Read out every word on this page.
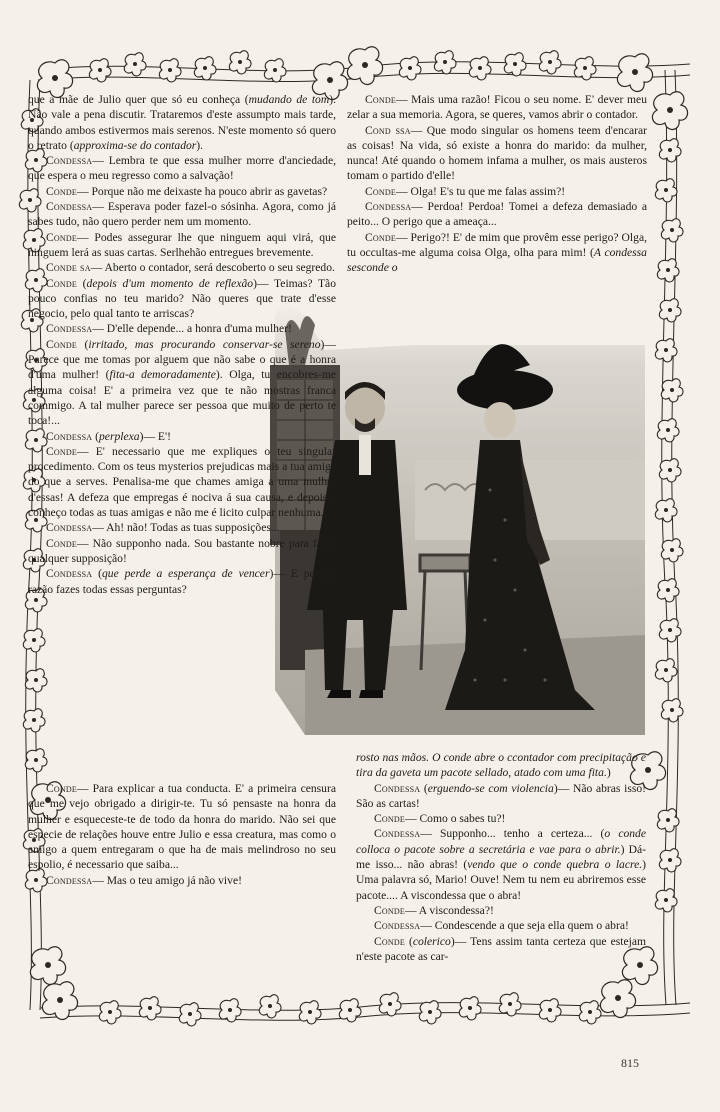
que a mãe de Julio quer que só eu conheça (mudando de tom). Não vale a pena discutir. Trataremos d'este assumpto mais tarde, quando ambos estivermos mais serenos. N'este momento só quero o retrato (approxima-se do contador).

Condessa— Lembra te que essa mulher morre d'anciedade, que espera o meu regresso como a salvação!

Conde— Porque não me deixaste ha pouco abrir as gavetas?

Condessa— Esperava poder fazel-o sósinha. Agora, como já sabes tudo, não quero perder nem um momento.

Conde— Podes assegurar lhe que ninguem aqui virá, que ninguem lerá as suas cartas. Serlhehão entregues brevemente.

Conde sa— Aberto o contador, será descoberto o seu segredo.

Conde (depois d'um momento de reflexão)— Teimas? Tão pouco confias no teu marido? Não queres que trate d'esse negocio, pelo qual tanto te arriscas?

Condessa— D'elle depende... a honra d'uma mulher!

Conde (irritado, mas procurando conservar-se sereno)— Parece que me tomas por alguem que não sabe o que é a honra d'uma mulher! (fita-a demoradamente). Olga, tu encobres-me alguma coisa! E' a primeira vez que te não mostras franca commigo. A tal mulher parece ser pessoa que muito de perto te toca!...

Condessa (perplexa)— E'!

Conde— E' necessario que me expliques o teu singular procedimento. Com os teus mysterios prejudicas mais a tua amiga do que a serves. Penalisa-me que chames amiga a uma mulher d'essas! A defeza que empregas é nociva á sua causa, e depois... conheço todas as tuas amigas e não me é licito culpar nenhuma...

Condessa— Ah! não! Todas as tuas supposições...

Conde— Não supponho nada. Sou bastante nobre para fazer qualquer supposição!

Condessa (que perde a esperança de vencer)— E porque razão fazes todas essas perguntas?

Conde— Mais uma razão! Ficou o seu nome. E' dever meu zelar a sua memoria. Agora, se queres, vamos abrir o contador.

Cond ssa— Que modo singular os homens teem d'encarar as coisas! Na vida, só existe a honra do marido: da mulher, nunca! Até quando o homem infama a mulher, os mais austeros tomam o partido d'elle!

Conde— Olga! E's tu que me falas assim?!

Condessa— Perdoa! Perdoa! Tomei a defeza demasiado a peito... O perigo que a ameaça...

Conde— Perigo?! E' de mim que provêm esse perigo? Olga, tu occultas-me alguma coisa Olga, olha para mim! (A condessa sesconde o

rosto nas mãos. O conde abre o ccontador com precipitação e tira da gaveta um pacote sellado, atado com uma fita.)

Condessa (erguendo-se com violencia)— Não abras isso! São as cartas!

Conde— Como o sabes tu?!

Condessa— Supponho... tenho a certeza... (o conde colloca o pacote sobre a secretária e vae para o abrir.) Dá-me isso... não abras! (vendo que o conde quebra o lacre.) Uma palavra só, Mario! Ouve! Nem tu nem eu abriremos esse pacote.... A viscondessa que o abra!

Conde— A viscondessa?!

Condessa— Condescende a que seja ella quem o abra!

Conde (colerico)— Tens assim tanta certeza que estejam n'este pacote as car-

Conde— Para explicar a tua conducta. E' a primeira censura que me vejo obrigado a dirigir-te. Tu só pensaste na honra da mulher e esqueceste-te de todo da honra do marido. Não sei que especie de relações houve entre Julio e essa creatura, mas como o amigo a quem entregaram o que ha de mais melindroso no seu espolio, é necessario que saiba...

Condessa— Mas o teu amigo já não vive!

815
